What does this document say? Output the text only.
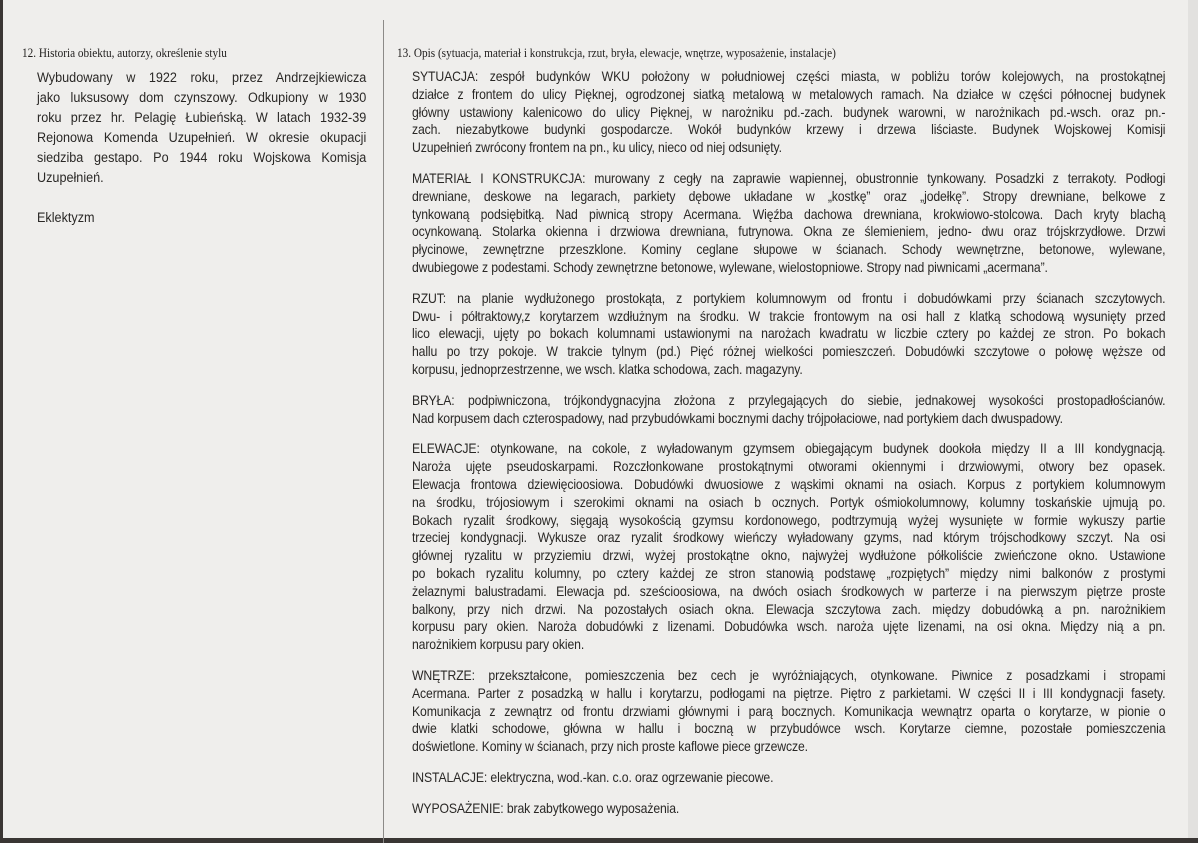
12. Historia obiektu, autorzy, określenie stylu	13. Opis (sytuacja, materiał i konstrukcja, rzut, bryła, elewacje, wnętrze, wyposażenie, instalacje)
Wybudowany w 1922 roku, przez Andrzejkiewicza
jako luksusowy dom czynszowy. Odkupiony w 1930
roku przez hr. Pelagię Łubieńską. W latach 1932-39
Rejonowa Komenda Uzupełnień. W okresie okupacji
siedziba gestapo. Po 1944 roku Wojskowa Komisja
Uzupełnień.
Eklektyzm
SYTUACJA: zespół budynków WKU położony w południowej części miasta, w pobliżu torów kolejowych, na prostokątnej
działce z frontem do ulicy Pięknej, ogrodzonej siatką metalową w metalowych ramach. Na działce w części północnej budynek
główny ustawiony kalenicowo do ulicy Pięknej, w narożniku pd.-zach. budynek warowni, w narożnikach pd.-wsch. oraz pn.-
zach. niezabytkowe budynki gospodarcze. Wokół budynków krzewy i drzewa liściaste. Budynek Wojskowej Komisji
Uzupełnień zwrócony frontem na pn., ku ulicy, nieco od niej odsunięty.
MATERIAŁ I KONSTRUKCJA: murowany z cegły na zaprawie wapiennej, obustronnie tynkowany. Posadzki z terrakoty. Podłogi
drewniane, deskowe na legarach, parkiety dębowe układane w „kostkę” oraz „jodełkę”. Stropy drewniane, belkowe z
tynkowaną podsiębitką. Nad piwnicą stropy Acermana. Więźba dachowa drewniana, krokwiowo-stolcowa. Dach kryty blachą
ocynkowaną. Stolarka okienna i drzwiowa drewniana, futrynowa. Okna ze ślemieniem, jedno- dwu oraz trójskrzydłowe. Drzwi
płycinowe, zewnętrzne przeszklone. Kominy ceglane słupowe w ścianach. Schody wewnętrzne, betonowe, wylewane,
dwubiegowe z podestami. Schody zewnętrzne betonowe, wylewane, wielostopniowe. Stropy nad piwnicami „acermana”.
RZUT: na planie wydłużonego prostokąta, z portykiem kolumnowym od frontu i dobudówkami przy ścianach szczytowych.
Dwu- i półtraktowy,z korytarzem wzdłużnym na środku. W trakcie frontowym na osi hall z klatką schodową wysunięty przed
lico elewacji, ujęty po bokach kolumnami ustawionymi na narożach kwadratu w liczbie cztery po każdej ze stron. Po bokach
hallu po trzy pokoje. W trakcie tylnym (pd.) Pięć różnej wielkości pomieszczeń. Dobudówki szczytowe o połowę węższe od
korpusu, jednoprzestrzenne, we wsch. klatka schodowa, zach. magazyny.
BRYŁA: podpiwniczona, trójkondygnacyjna złożona z przylegających do siebie, jednakowej wysokości prostopadłościanów.
Nad korpusem dach czterospadowy, nad przybudówkami bocznymi dachy trójpołaciowe, nad portykiem dach dwuspadowy.
ELEWACJE: otynkowane, na cokole, z wyładowanym gzymsem obiegającym budynek dookoła między II a III kondygnacją.
Naroża ujęte pseudoskarpami. Rozczłonkowane prostokątnymi otworami okiennymi i drzwiowymi, otwory bez opasek.
Elewacja frontowa dziewięcioosiowa. Dobudówki dwuosiowe z wąskimi oknami na osiach. Korpus z portykiem kolumnowym
na środku, trójosiowym i szerokimi oknami na osiach b ocznych. Portyk ośmiokolumnowy, kolumny toskańskie ujmują po.
Bokach ryzalit środkowy, sięgają wysokością gzymsu kordonowego, podtrzymują wyżej wysunięte w formie wykuszy partie
trzeciej kondygnacji. Wykusze oraz ryzalit środkowy wieńczy wyładowany gzyms, nad którym trójschodkowy szczyt. Na osi
głównej ryzalitu w przyziemiu drzwi, wyżej prostokątne okno, najwyżej wydłużone półkoliście zwieńczone okno. Ustawione
po bokach ryzalitu kolumny, po cztery każdej ze stron stanowią podstawę „rozpiętych” między nimi balkonów z prostymi
żelaznymi balustradami. Elewacja pd. sześcioosiowa, na dwóch osiach środkowych w parterze i na pierwszym piętrze proste
balkony, przy nich drzwi. Na pozostałych osiach okna. Elewacja szczytowa zach. między dobudówką a pn. narożnikiem
korpusu pary okien. Naroża dobudówki z lizenami. Dobudówka wsch. naroża ujęte lizenami, na osi okna. Między nią a pn.
narożnikiem korpusu pary okien.
WNĘTRZE: przekształcone, pomieszczenia bez cech je wyróżniających, otynkowane. Piwnice z posadzkami i stropami
Acermana. Parter z posadzką w hallu i korytarzu, podłogami na piętrze. Piętro z parkietami. W części II i III kondygnacji fasety.
Komunikacja z zewnątrz od frontu drzwiami głównymi i parą bocznych. Komunikacja wewnątrz oparta o korytarze, w pionie o
dwie klatki schodowe, główna w hallu i boczną w przybudówce wsch. Korytarze ciemne, pozostałe pomieszczenia
doświetlone. Kominy w ścianach, przy nich proste kaflowe piece grzewcze.
INSTALACJE: elektryczna, wod.-kan. c.o. oraz ogrzewanie piecowe.
WYPOSAŻENIE: brak zabytkowego wyposażenia.
